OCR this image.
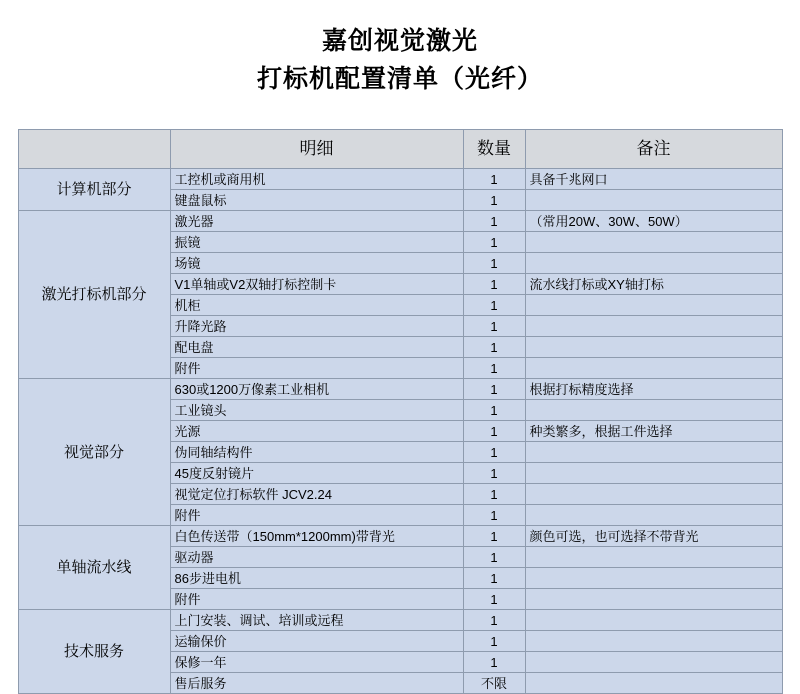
嘉创视觉激光
打标机配置清单（光纤）
	明细	数量	备注
计算机部分	工控机或商用机	1	具备千兆网口
	键盘鼠标	1	
激光打标机部分	激光器	1	（常用20W、30W、50W）
	振镜	1	
	场镜	1	
	V1单轴或V2双轴打标控制卡	1	流水线打标或XY轴打标
	机柜	1	
	升降光路	1	
	配电盘	1	
	附件	1	
视觉部分	630或1200万像素工业相机	1	根据打标精度选择
	工业镜头	1	
	光源	1	种类繁多，根据工件选择
	伪同轴结构件	1	
	45度反射镜片	1	
	视觉定位打标软件 JCV2.24	1	
	附件	1	
单轴流水线	白色传送带（150mm*1200mm)带背光	1	颜色可选，也可选择不带背光
	驱动器	1	
	86步进电机	1	
	附件	1	
技术服务	上门安装、调试、培训或远程	1	
	运输保价	1	
	保修一年	1	
	售后服务	不限	
